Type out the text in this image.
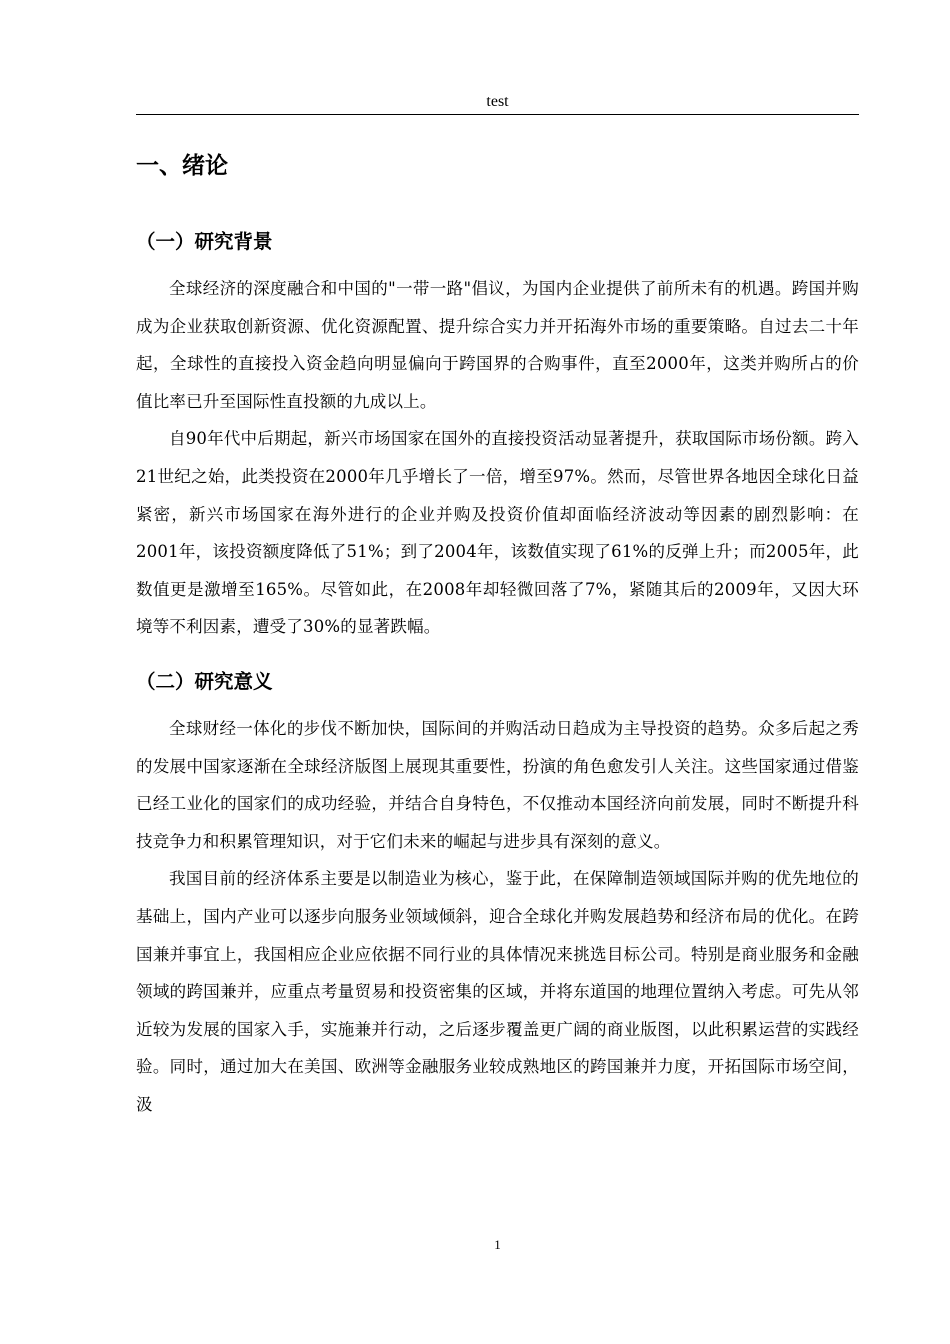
test
一、绪论
（一）研究背景

全球经济的深度融合和中国的"一带一路"倡议，为国内企业提供了前所未有的机遇。跨国并购成为企业获取创新资源、优化资源配置、提升综合实力并开拓海外市场的重要策略。自过去二十年起，全球性的直接投入资金趋向明显偏向于跨国界的合购事件，直至2000年，这类并购所占的价值比率已升至国际性直投额的九成以上。

自90年代中后期起，新兴市场国家在国外的直接投资活动显著提升，获取国际市场份额。跨入21世纪之始，此类投资在2000年几乎增长了一倍，增至97%。然而，尽管世界各地因全球化日益紧密，新兴市场国家在海外进行的企业并购及投资价值却面临经济波动等因素的剧烈影响：在2001年，该投资额度降低了51%；到了2004年，该数值实现了61%的反弹上升；而2005年，此数值更是激增至165%。尽管如此，在2008年却轻微回落了7%，紧随其后的2009年，又因大环境等不利因素，遭受了30%的显著跌幅。

（二）研究意义

全球财经一体化的步伐不断加快，国际间的并购活动日趋成为主导投资的趋势。众多后起之秀的发展中国家逐渐在全球经济版图上展现其重要性，扮演的角色愈发引人关注。这些国家通过借鉴已经工业化的国家们的成功经验，并结合自身特色，不仅推动本国经济向前发展，同时不断提升科技竞争力和积累管理知识，对于它们未来的崛起与进步具有深刻的意义。

我国目前的经济体系主要是以制造业为核心，鉴于此，在保障制造领域国际并购的优先地位的基础上，国内产业可以逐步向服务业领域倾斜，迎合全球化并购发展趋势和经济布局的优化。在跨国兼并事宜上，我国相应企业应依据不同行业的具体情况来挑选目标公司。特别是商业服务和金融领域的跨国兼并，应重点考量贸易和投资密集的区域，并将东道国的地理位置纳入考虑。可先从邻近较为发展的国家入手，实施兼并行动，之后逐步覆盖更广阔的商业版图，以此积累运营的实践经验。同时，通过加大在美国、欧洲等金融服务业较成熟地区的跨国兼并力度，开拓国际市场空间，汲

1
